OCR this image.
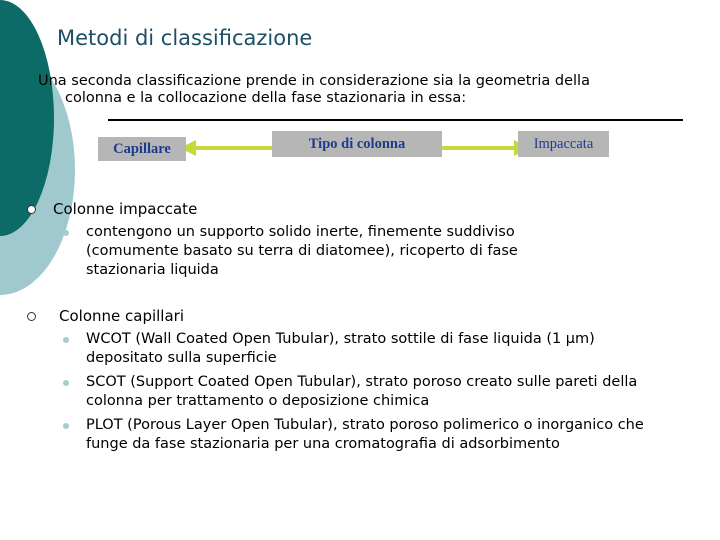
Metodi di classificazione
Una seconda classificazione prende in considerazione sia la geometria della
colonna e la collocazione della fase stazionaria in essa:
Capillare	Tipo di colonna	Impaccata
Colonne impaccate
contengono un supporto solido inerte, finemente suddiviso (comumente basato su terra di diatomee), ricoperto di fase stazionaria liquida
Colonne capillari
WCOT (Wall Coated Open Tubular), strato sottile di fase liquida (1 µm) depositato sulla superficie
SCOT (Support Coated Open Tubular), strato poroso creato sulle pareti della colonna per trattamento o deposizione chimica
PLOT (Porous Layer Open Tubular), strato poroso polimerico o inorganico che funge da fase stazionaria per una cromatografia di adsorbimento
